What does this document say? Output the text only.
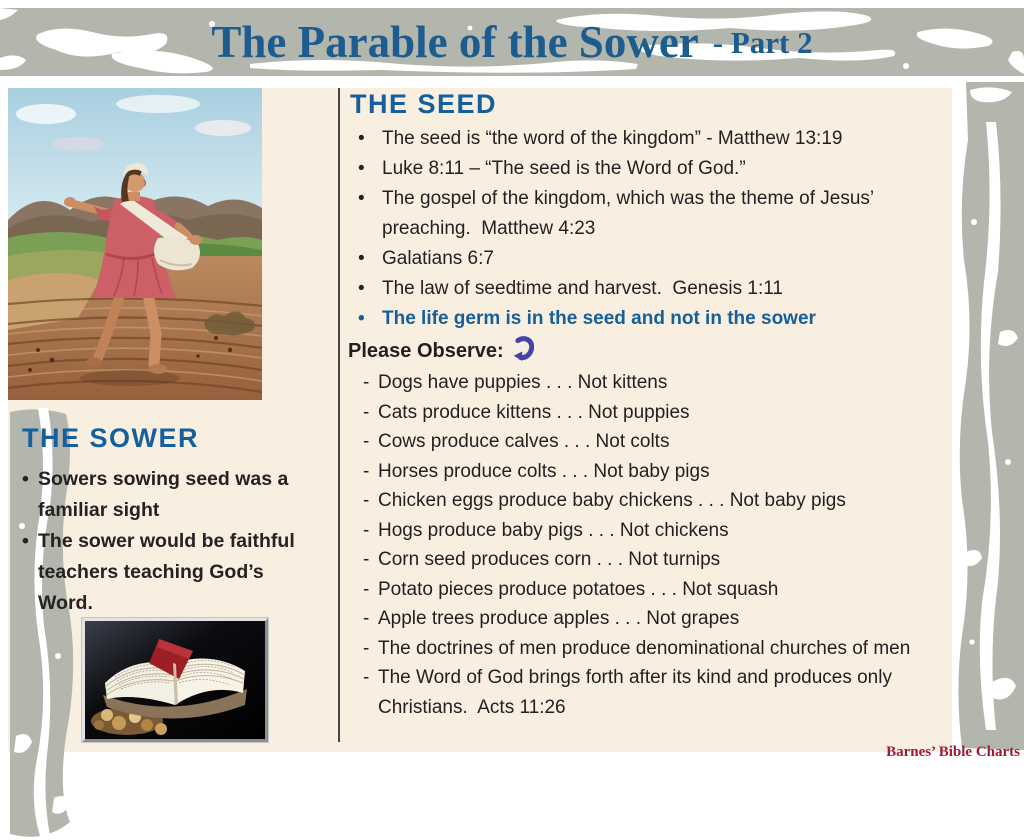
The Parable of the Sower - Part 2
THE SOWER
• Sowers sowing seed was a familiar sight
• The sower would be faithful teachers teaching God’s Word.
THE SEED
• The seed is “the word of the kingdom” - Matthew 13:19
• Luke 8:11 – “The seed is the Word of God.”
• The gospel of the kingdom, which was the theme of Jesus’ preaching.  Matthew 4:23
• Galatians 6:7
• The law of seedtime and harvest.  Genesis 1:11
• The life germ is in the seed and not in the sower
Please Observe:
- Dogs have puppies . . . Not kittens
- Cats produce kittens . . . Not puppies
- Cows produce calves . . . Not colts
- Horses produce colts . . . Not baby pigs
- Chicken eggs produce baby chickens . . . Not baby pigs
- Hogs produce baby pigs . . . Not chickens
- Corn seed produces corn . . . Not turnips
- Potato pieces produce potatoes . . . Not squash
- Apple trees produce apples . . . Not grapes
- The doctrines of men produce denominational churches of men
- The Word of God brings forth after its kind and produces only Christians.  Acts 11:26
Barnes’ Bible Charts
